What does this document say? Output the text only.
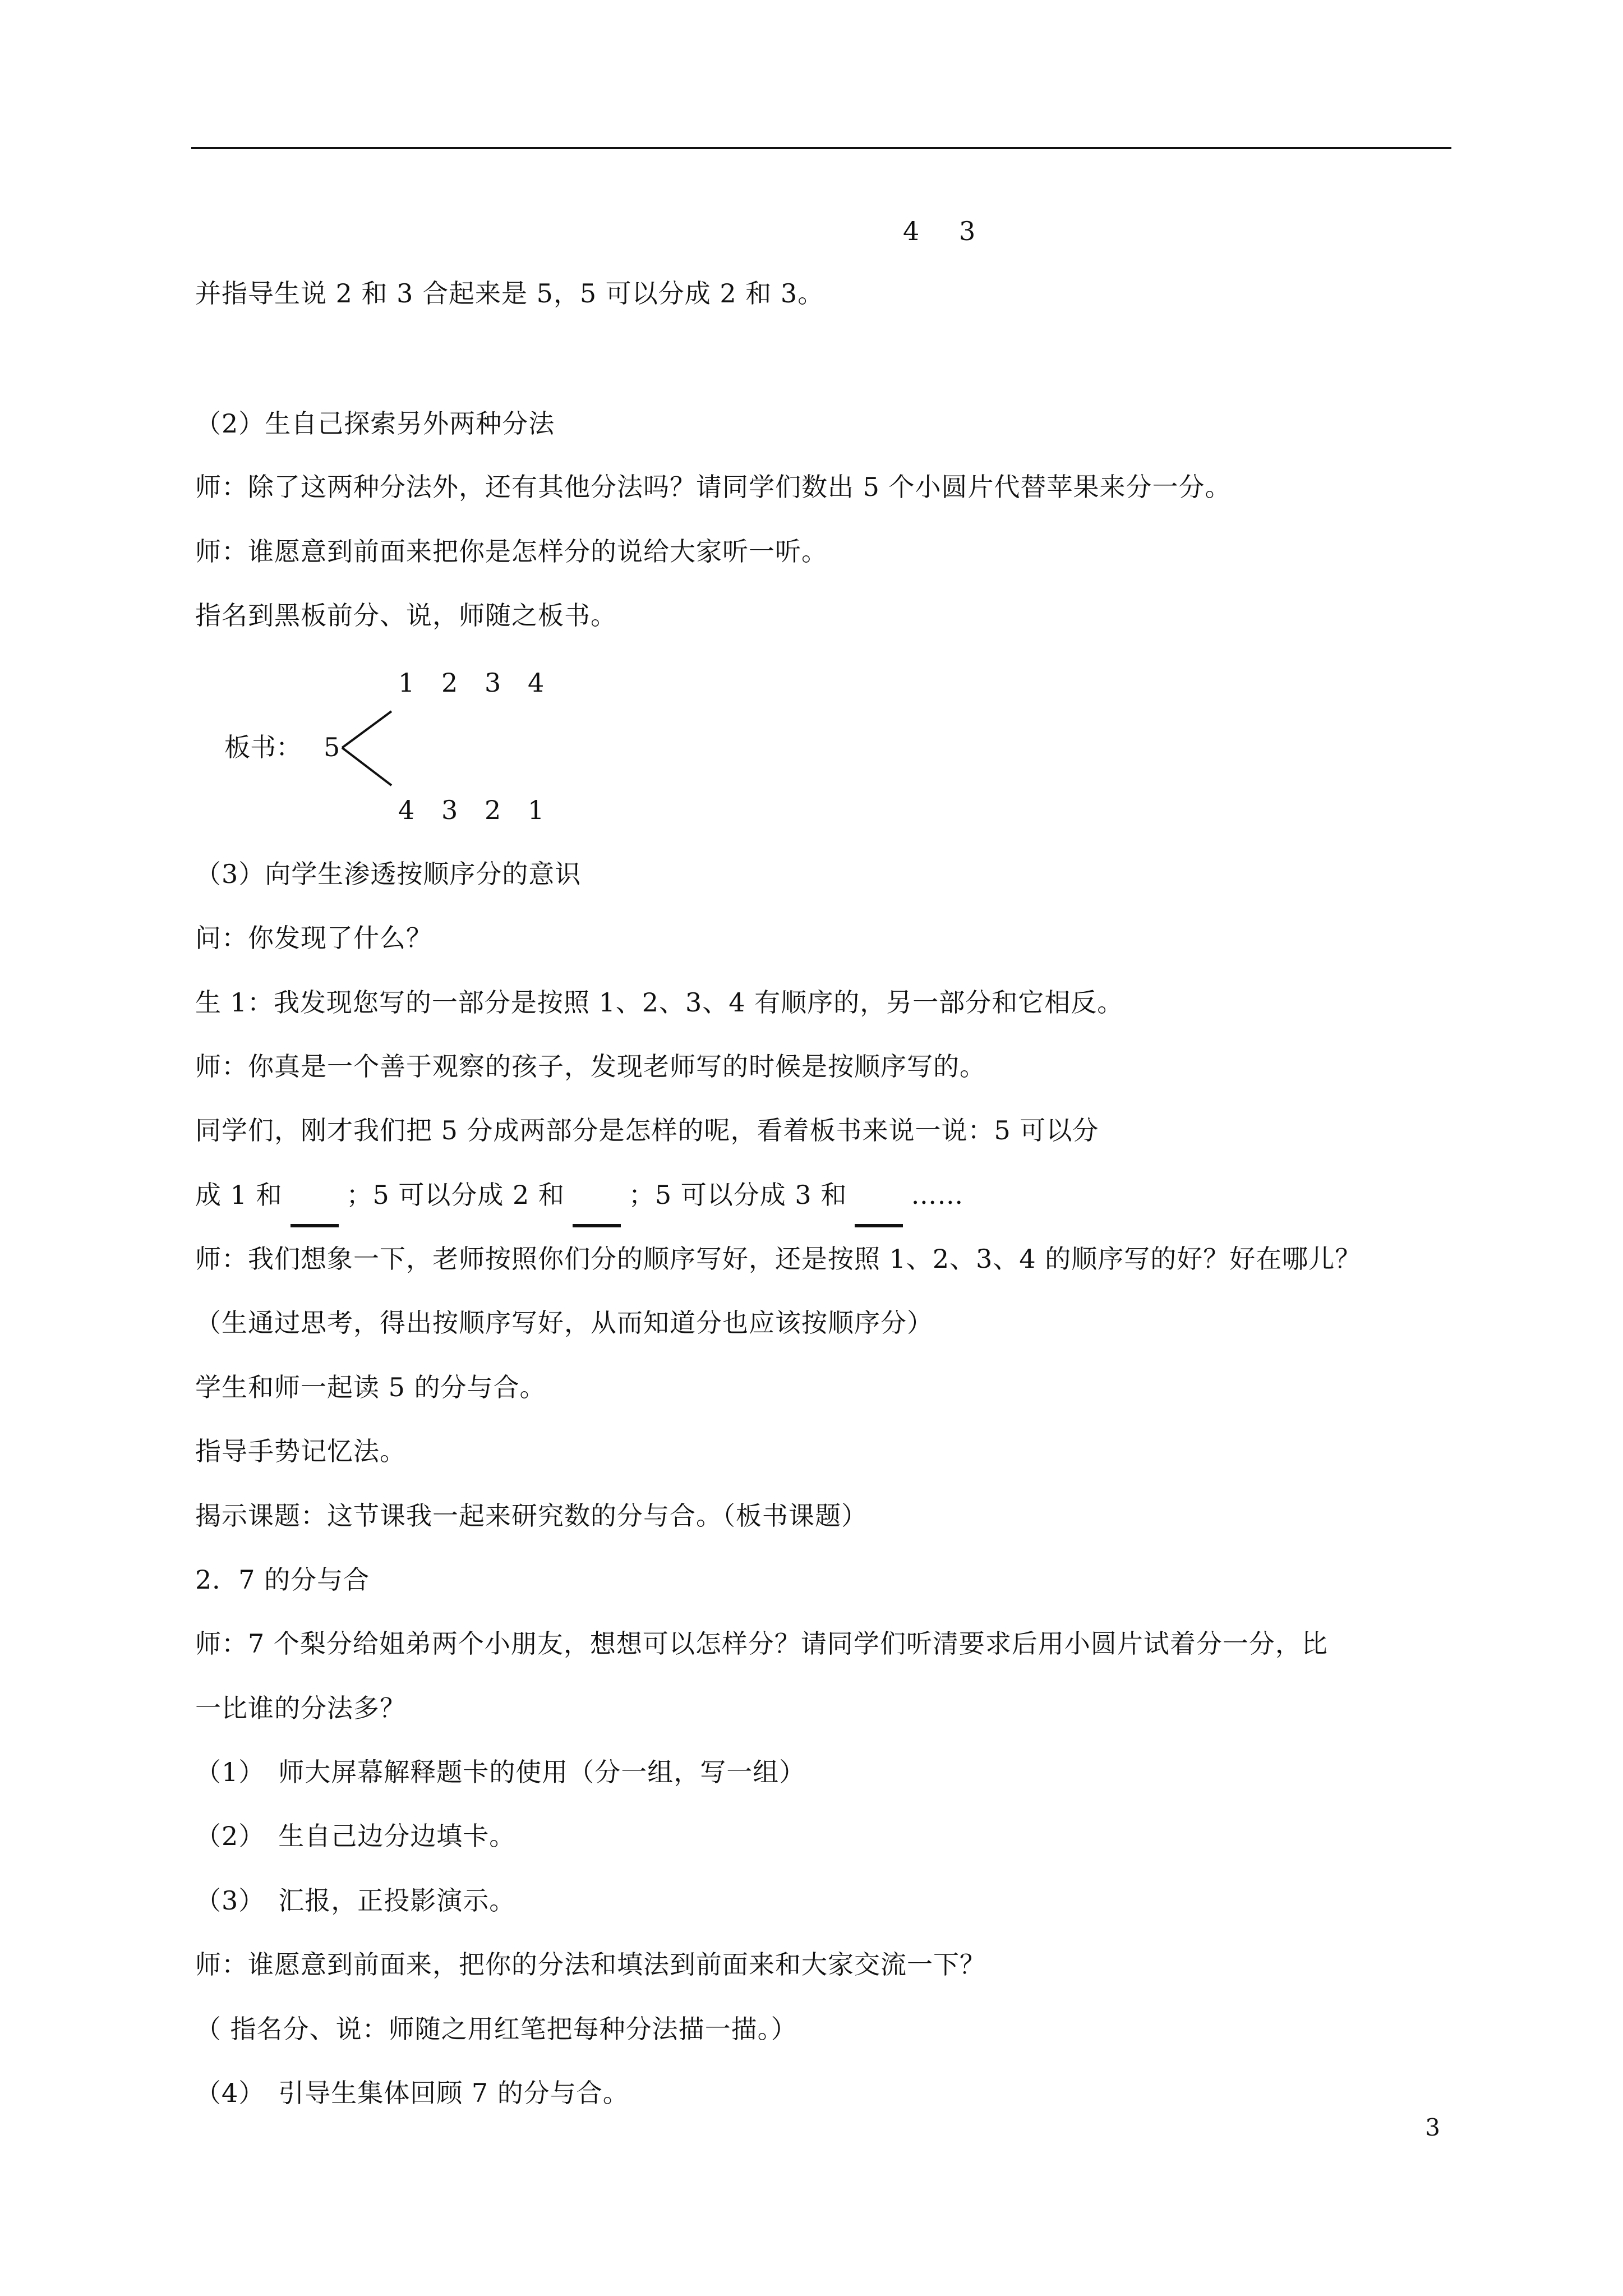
4 3
并指导生说 2 和 3 合起来是 5，5 可以分成 2 和 3。
（2）生自己探索另外两种分法
师：除了这两种分法外，还有其他分法吗？请同学们数出 5 个小圆片代替苹果来分一分。
师：谁愿意到前面来把你是怎样分的说给大家听一听。
指名到黑板前分、说，师随之板书。
1 2 3 4
板书： 5
4 3 2 1
（3）向学生渗透按顺序分的意识
问：你发现了什么？
生 1：我发现您写的一部分是按照 1、2、3、4 有顺序的，另一部分和它相反。
师：你真是一个善于观察的孩子，发现老师写的时候是按顺序写的。
同学们，刚才我们把 5 分成两部分是怎样的呢，看着板书来说一说：5 可以分
成 1 和 ；5 可以分成 2 和 ；5 可以分成 3 和 ……
师：我们想象一下，老师按照你们分的顺序写好，还是按照 1、2、3、4 的顺序写的好？好在哪儿？
（生通过思考，得出按顺序写好，从而知道分也应该按顺序分）
学生和师一起读 5 的分与合。
指导手势记忆法。
揭示课题：这节课我一起来研究数的分与合。（板书课题）
2．7 的分与合
师：7 个梨分给姐弟两个小朋友，想想可以怎样分？请同学们听清要求后用小圆片试着分一分，比
一比谁的分法多？
（1）　师大屏幕解释题卡的使用（分一组，写一组）
（2）　生自己边分边填卡。
（3）　汇报，正投影演示。
师：谁愿意到前面来，把你的分法和填法到前面来和大家交流一下？
（ 指名分、说：师随之用红笔把每种分法描一描。）
（4）　引导生集体回顾 7 的分与合。
3
